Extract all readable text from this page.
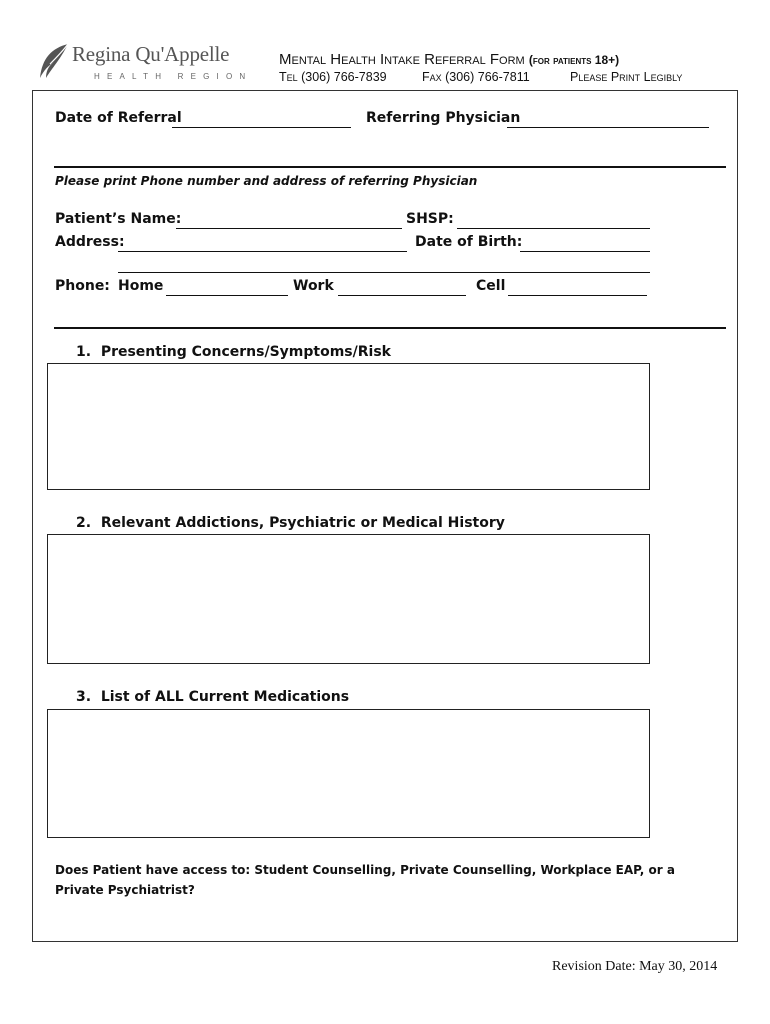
Regina Qu'Appelle
HEALTH REGION
Mental Health Intake Referral Form (for patients 18+)
Tel (306) 766-7839	Fax (306) 766-7811	Please Print Legibly
Date of Referral	Referring Physician
Please print Phone number and address of referring Physician
Patient’s Name:	SHSP:
Address:	Date of Birth:
Phone: Home	Work	Cell
1. Presenting Concerns/Symptoms/Risk
2. Relevant Addictions, Psychiatric or Medical History
3. List of ALL Current Medications
Does Patient have access to: Student Counselling, Private Counselling, Workplace EAP, or a Private Psychiatrist?
Revision Date: May 30, 2014
